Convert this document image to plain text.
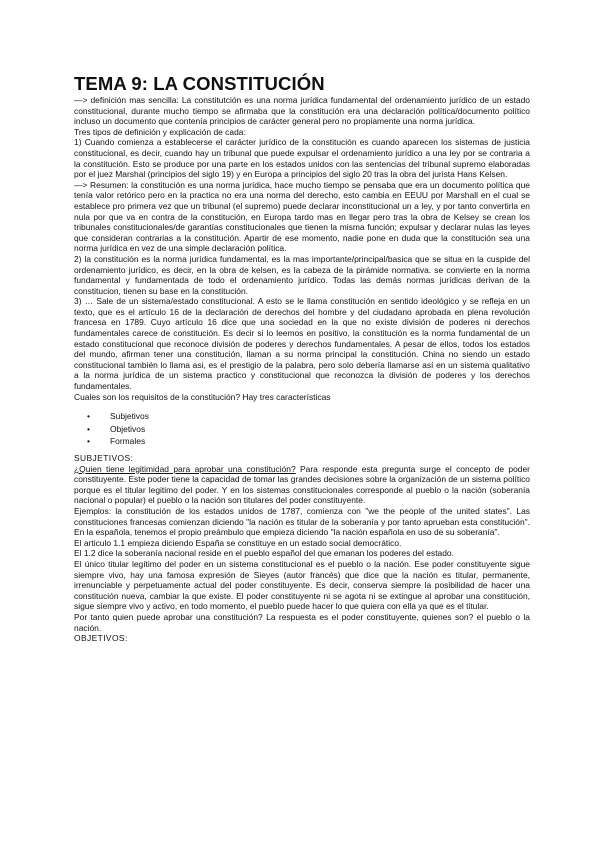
TEMA 9: LA CONSTITUCIÓN

—> definición mas sencilla: La constitutción es una norma jurídica fundamental del ordenamiento jurídico de un estado constitucional, durante mucho tiempo se afirmaba que la constitución era una declaración política/documento político incluso un documento que contenía principios de carácter general pero no propiamente una norma jurídica.

Tres tipos de definición y explicación de cada:

1) Cuando comienza a establecerse el carácter jurídico de la constitución es cuando aparecen los sistemas de justicia constitucional, es decir, cuando hay un tribunal que puede expulsar el ordenamiento jurídico a una ley por se contraria a la constitución. Esto se produce por una parte en los estados unidos con las sentencias del tribunal supremo elaboradas por el juez Marshal (principios del siglo 19) y en Europa a principios del siglo 20 tras la obra del jurista Hans Kelsen.

—> Resumen: la constitución es una norma jurídica, hace mucho tiempo se pensaba que era un documento política que tenía valor retórico pero en la practica no era una norma del derecho, esto cambia en EEUU por Marshall en el cual se establece pro primera vez que un tribunal (el supremo) puede declarar inconstitucional un a ley, y por tanto convertirla en nula por que va en contra de la constitución, en Europa tardo mas en llegar pero tras la obra de Kelsey se crean los tribunales constitucionales/de garantías constitucionales que tienen la misma función; expulsar y declarar nulas las leyes que consideran contrarias a la constitución. Apartir de ese momento, nadie pone en duda que la constitución sea una norma jurídica en vez de una simple declaración política.

2) la constitución es la norma jurídica fundamental, es la mas importante/principal/basica que se situa en la cuspide del ordenamiento jurídico, es decir, en la obra de kelsen, es la cabeza de la pirámide normativa. se convierte en la norma fundamental y fundamentada de todo el ordenamiento jurídico. Todas las demás normas jurídicas derivan de la constitucion, tienen su base en la constitución.

3) … Sale de un sistema/estado constitucional. A esto se le llama constitución en sentido ideológico y se refleja en un texto, que es el artículo 16 de la declaración de derechos del hombre y del ciudadano aprobada en plena revolución francesa en 1789. Cuyo artículo 16 dice que una sociedad en la que no existe división de poderes ni derechos fundamentales carece de constitución. Es decir si lo leemos en positivo, la constitución es la norma fundamental de un estado constitucional que reconoce división de poderes y derechos fundamentales. A pesar de ellos, todos los estados del mundo, afirman tener una constitución, llaman a su norma principal la constitución. China no siendo un estado constitucional también lo llama asi, es el prestigio de la palabra, pero solo debería llamarse así en un sistema qualitativo a la norma jurídica de un sistema practico y constitucional que reconozca la división de poderes y los derechos fundamentales.

Cuales son los requisitos de la constitución? Hay tres características

• Subjetivos
• Objetivos
• Formales

SUBJETIVOS:

¿Quien tiene legitimidad para aprobar una constitución? Para responde esta pregunta surge el concepto de poder constituyente. Este poder tiene la capacidad de tomar las grandes decisiones sobre la organización de un sistema político porque es el titular legitimo del poder. Y en los sistemas constitucionales corresponde al pueblo o la nación (soberanía nacional o popular) el pueblo o la nación son titulares del poder constituyente.

Ejemplos: la constitución de los estados unidos de 1787, comienza con "we the people of the united states". Las constituciones francesas comienzan diciendo "la nación es titular de la soberanía y por tanto aprueban esta constitución". En la española, tenemos el propio preámbulo que empieza diciendo "la nación española en uso de su soberanía".

El articulo 1.1 empieza diciendo España se constituye en un estado social democrático.

El 1.2 dice la soberanía nacional reside en el pueblo español del que emanan los poderes del estado.

El único titular legítimo del poder en un sistema constitucional es el pueblo o la nación. Ese poder constituyente sigue siempre vivo, hay una famosa expresión de Sieyes (autor francés) que dice que la nación es titular, permanente, irrenunciable y perpetuamente actual del poder constituyente. Es decir, conserva siempre la posibilidad de hacer una constitución nueva, cambiar la que existe. El poder constituyente ni se agota ni se extingue al aprobar una constitución, sigue siempre vivo y activo, en todo momento, el pueblo puede hacer lo que quiera con ella ya que es el titular.

Por tanto quien puede aprobar una constitución? La respuesta es el poder constituyente, quienes son? el pueblo o la nación.

OBJETIVOS:
